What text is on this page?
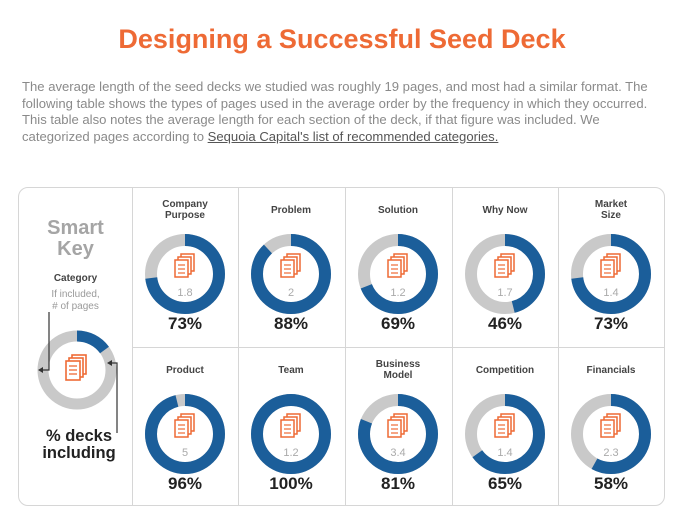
Designing a Successful Seed Deck

The average length of the seed decks we studied was roughly 19 pages, and most had a similar format. The following table shows the types of pages used in the average order by the frequency in which they occurred. This table also notes the average length for each section of the deck, if that figure was included. We categorized pages according to Sequoia Capital's list of recommended categories.

Smart
Key
Category
If included,
# of pages
% decks
including
Company
Purpose
1.8
73%
Problem
2
88%
Solution
1.2
69%
Why Now
1.7
46%
Market
Size
1.4
73%
Product
5
96%
Team
1.2
100%
Business
Model
3.4
81%
Competition
1.4
65%
Financials
2.3
58%
